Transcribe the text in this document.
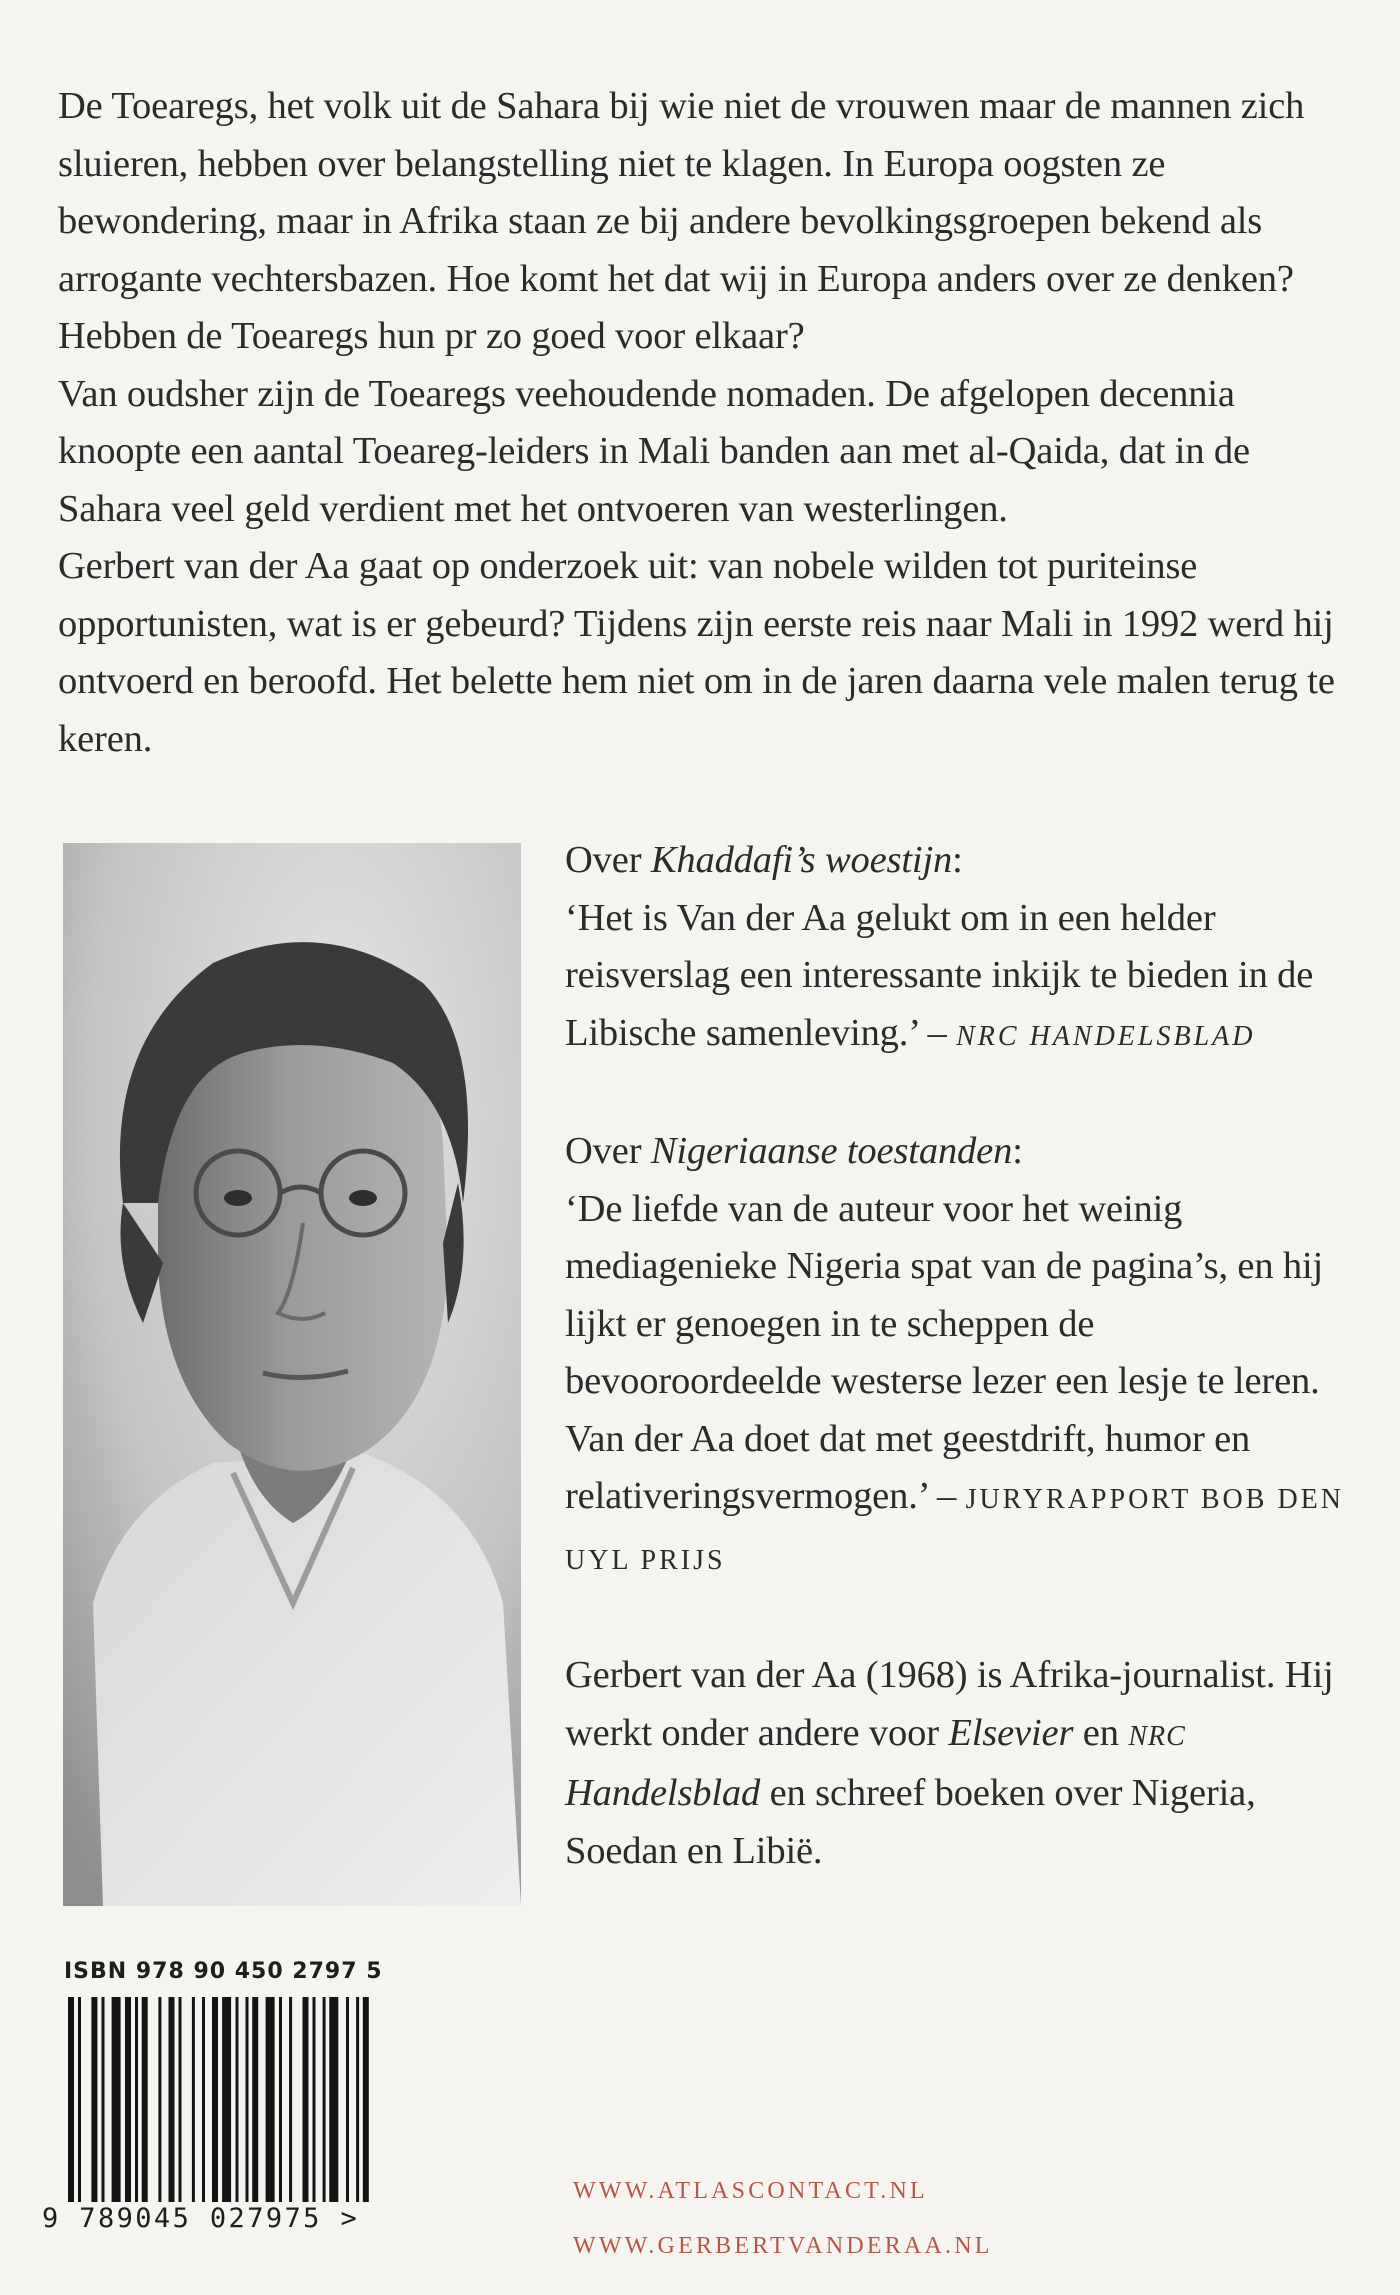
De Toearegs, het volk uit de Sahara bij wie niet de vrouwen maar de mannen zich sluieren, hebben over belangstelling niet te klagen. In Europa oogsten ze bewondering, maar in Afrika staan ze bij andere bevolkingsgroepen bekend als arrogante vechtersbazen. Hoe komt het dat wij in Europa anders over ze denken? Hebben de Toearegs hun pr zo goed voor elkaar?

Van oudsher zijn de Toearegs veehoudende nomaden. De afgelopen decennia knoopte een aantal Toeareg-leiders in Mali banden aan met al-Qaida, dat in de Sahara veel geld verdient met het ontvoeren van westerlingen.

Gerbert van der Aa gaat op onderzoek uit: van nobele wilden tot puriteinse opportunisten, wat is er gebeurd? Tijdens zijn eerste reis naar Mali in 1992 werd hij ontvoerd en beroofd. Het belette hem niet om in de jaren daarna vele malen terug te keren.

Over Khaddafi’s woestijn:

‘Het is Van der Aa gelukt om in een helder reisverslag een interessante inkijk te bieden in de Libische samenleving.’ – NRC HANDELSBLAD

Over Nigeriaanse toestanden:

‘De liefde van de auteur voor het weinig mediagenieke Nigeria spat van de pagina’s, en hij lijkt er genoegen in te scheppen de bevooroordeelde westerse lezer een lesje te leren. Van der Aa doet dat met geestdrift, humor en relativeringsvermogen.’ – JURYRAPPORT BOB DEN UYL PRIJS

Gerbert van der Aa (1968) is Afrika-journalist. Hij werkt onder andere voor Elsevier en NRC Handelsblad en schreef boeken over Nigeria, Soedan en Libië.

ISBN 978 90 450 2797 5
9 789045 027975 >
WWW.ATLASCONTACT.NL
WWW.GERBERTVANDERAA.NL
